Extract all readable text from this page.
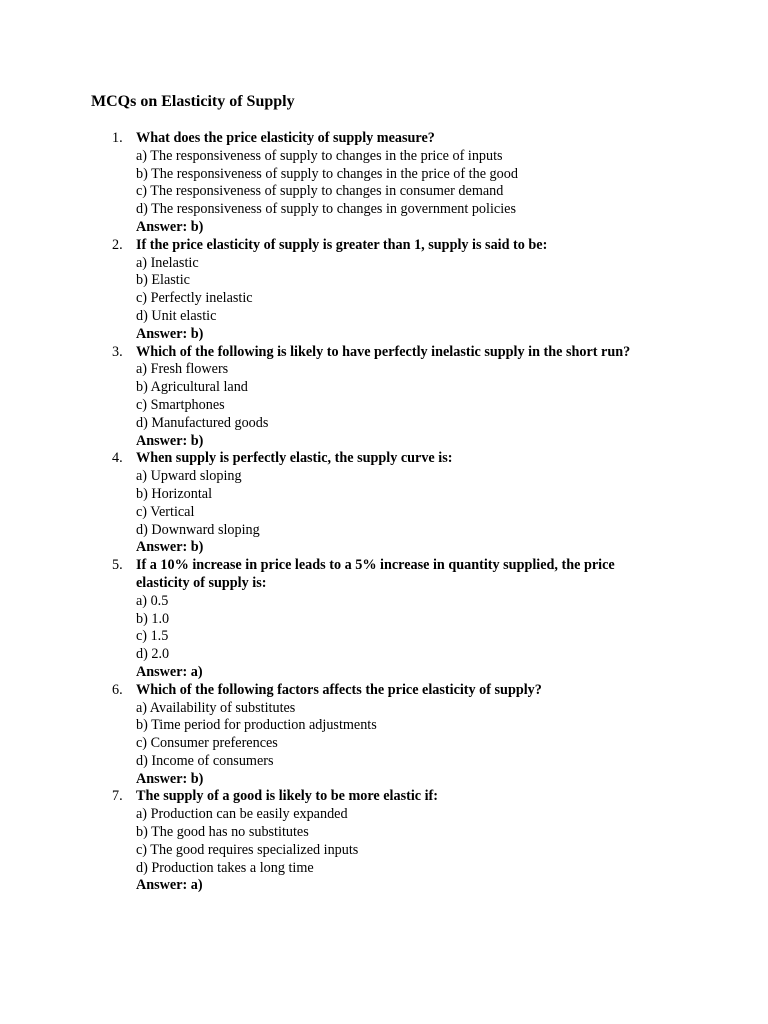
MCQs on Elasticity of Supply
1. What does the price elasticity of supply measure?
a) The responsiveness of supply to changes in the price of inputs
b) The responsiveness of supply to changes in the price of the good
c) The responsiveness of supply to changes in consumer demand
d) The responsiveness of supply to changes in government policies
Answer: b)
2. If the price elasticity of supply is greater than 1, supply is said to be:
a) Inelastic
b) Elastic
c) Perfectly inelastic
d) Unit elastic
Answer: b)
3. Which of the following is likely to have perfectly inelastic supply in the short run?
a) Fresh flowers
b) Agricultural land
c) Smartphones
d) Manufactured goods
Answer: b)
4. When supply is perfectly elastic, the supply curve is:
a) Upward sloping
b) Horizontal
c) Vertical
d) Downward sloping
Answer: b)
5. If a 10% increase in price leads to a 5% increase in quantity supplied, the price elasticity of supply is:
a) 0.5
b) 1.0
c) 1.5
d) 2.0
Answer: a)
6. Which of the following factors affects the price elasticity of supply?
a) Availability of substitutes
b) Time period for production adjustments
c) Consumer preferences
d) Income of consumers
Answer: b)
7. The supply of a good is likely to be more elastic if:
a) Production can be easily expanded
b) The good has no substitutes
c) The good requires specialized inputs
d) Production takes a long time
Answer: a)
